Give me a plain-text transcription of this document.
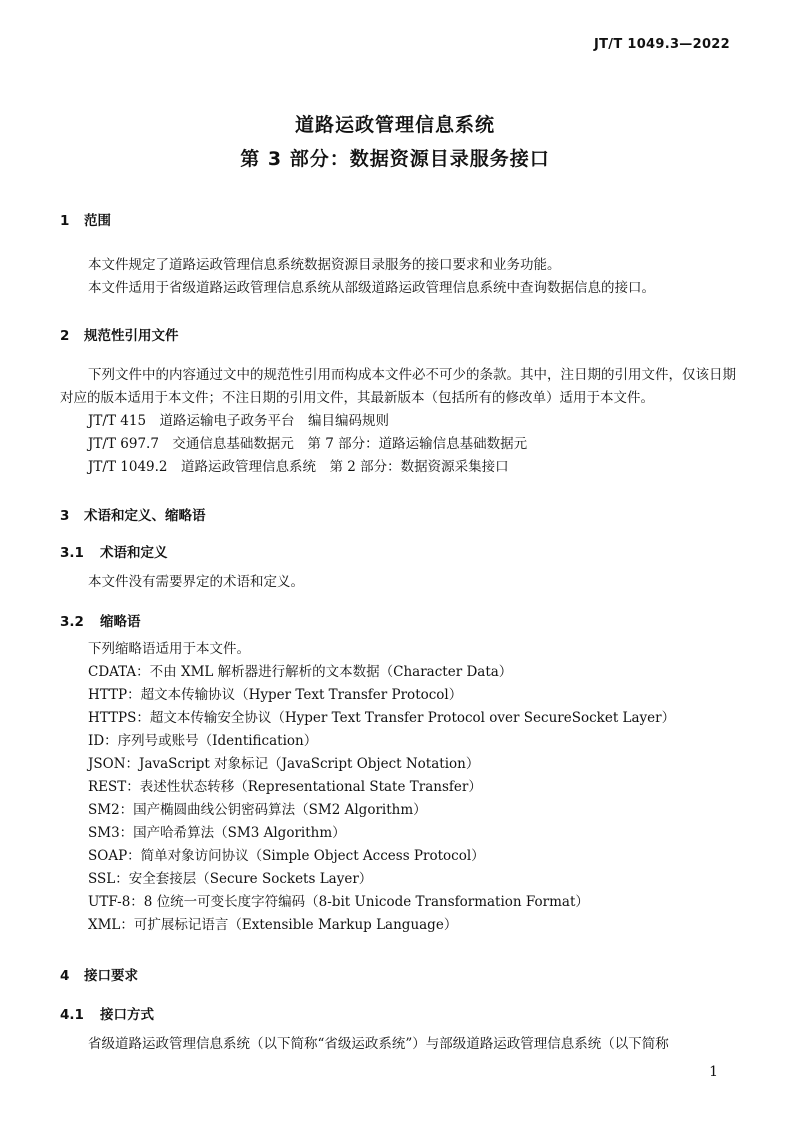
JT/T 1049.3—2022
道路运政管理信息系统
第 3 部分：数据资源目录服务接口
1 范围
本文件规定了道路运政管理信息系统数据资源目录服务的接口要求和业务功能。
本文件适用于省级道路运政管理信息系统从部级道路运政管理信息系统中查询数据信息的接口。
2 规范性引用文件
下列文件中的内容通过文中的规范性引用而构成本文件必不可少的条款。其中，注日期的引用文件，仅该日期对应的版本适用于本文件；不注日期的引用文件，其最新版本（包括所有的修改单）适用于本文件。
JT/T 415　道路运输电子政务平台　编目编码规则
JT/T 697.7　交通信息基础数据元　第 7 部分：道路运输信息基础数据元
JT/T 1049.2　道路运政管理信息系统　第 2 部分：数据资源采集接口
3 术语和定义、缩略语
3.1 术语和定义
本文件没有需要界定的术语和定义。
3.2 缩略语
下列缩略语适用于本文件。
CDATA：不由 XML 解析器进行解析的文本数据（Character Data）
HTTP：超文本传输协议（Hyper Text Transfer Protocol）
HTTPS：超文本传输安全协议（Hyper Text Transfer Protocol over SecureSocket Layer）
ID：序列号或账号（Identification）
JSON：JavaScript 对象标记（JavaScript Object Notation）
REST：表述性状态转移（Representational State Transfer）
SM2：国产椭圆曲线公钥密码算法（SM2 Algorithm）
SM3：国产哈希算法（SM3 Algorithm）
SOAP：简单对象访问协议（Simple Object Access Protocol）
SSL：安全套接层（Secure Sockets Layer）
UTF-8：8 位统一可变长度字符编码（8-bit Unicode Transformation Format）
XML：可扩展标记语言（Extensible Markup Language）
4 接口要求
4.1 接口方式
省级道路运政管理信息系统（以下简称“省级运政系统”）与部级道路运政管理信息系统（以下简称
1
